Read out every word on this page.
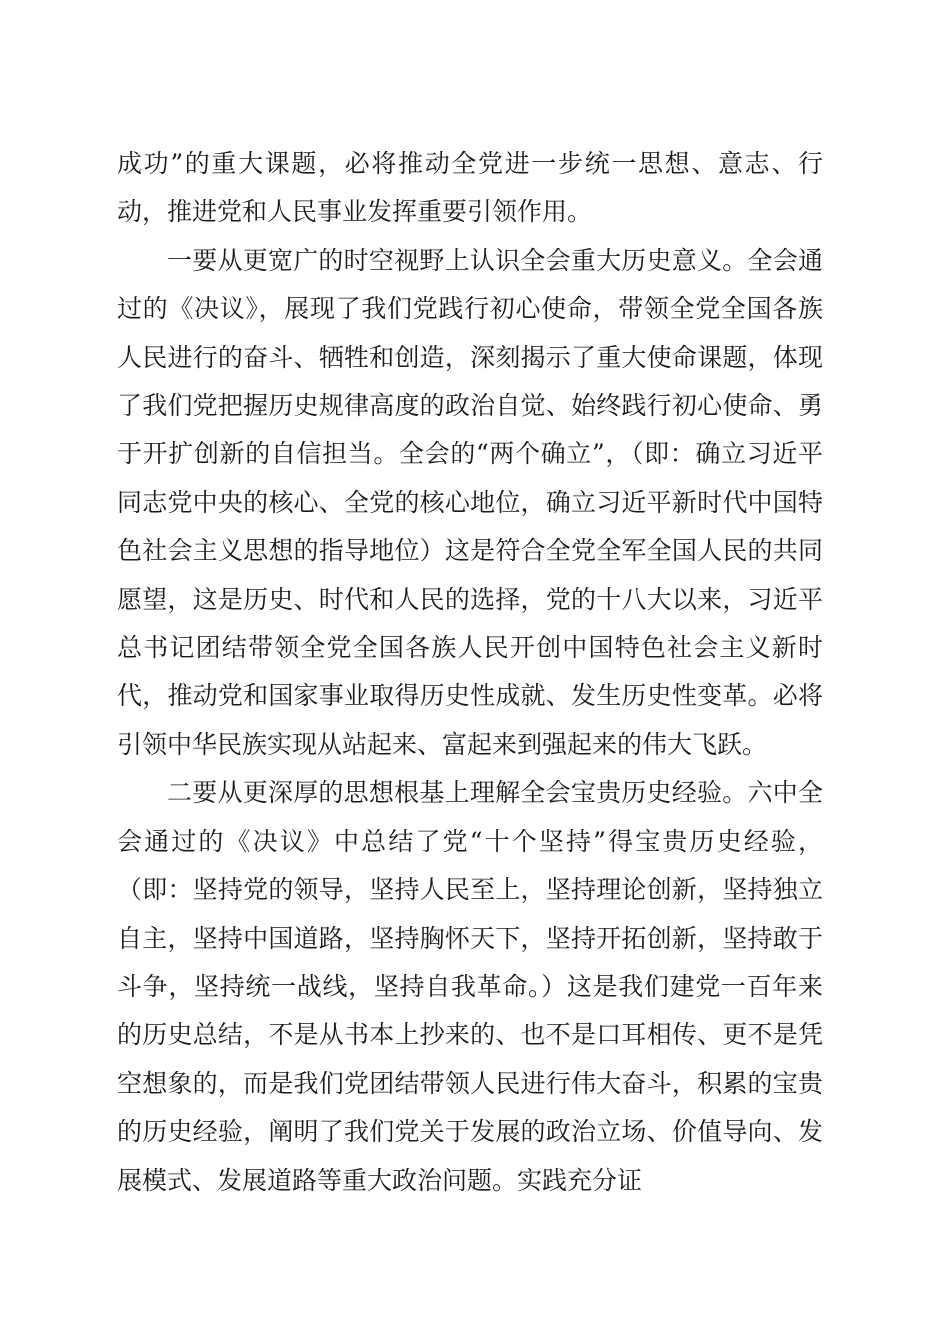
成功”的重大课题，必将推动全党进一步统一思想、意志、行动，推进党和人民事业发挥重要引领作用。

一要从更宽广的时空视野上认识全会重大历史意义。全会通过的《决议》，展现了我们党践行初心使命，带领全党全国各族人民进行的奋斗、牺牲和创造，深刻揭示了重大使命课题，体现了我们党把握历史规律高度的政治自觉、始终践行初心使命、勇于开扩创新的自信担当。全会的“两个确立”，（即：确立习近平同志党中央的核心、全党的核心地位，确立习近平新时代中国特色社会主义思想的指导地位）这是符合全党全军全国人民的共同愿望，这是历史、时代和人民的选择，党的十八大以来，习近平总书记团结带领全党全国各族人民开创中国特色社会主义新时代，推动党和国家事业取得历史性成就、发生历史性变革。必将引领中华民族实现从站起来、富起来到强起来的伟大飞跃。

二要从更深厚的思想根基上理解全会宝贵历史经验。六中全会通过的《决议》中总结了党“十个坚持”得宝贵历史经验，（即：坚持党的领导，坚持人民至上，坚持理论创新，坚持独立自主，坚持中国道路，坚持胸怀天下，坚持开拓创新，坚持敢于斗争，坚持统一战线，坚持自我革命。）这是我们建党一百年来的历史总结，不是从书本上抄来的、也不是口耳相传、更不是凭空想象的，而是我们党团结带领人民进行伟大奋斗，积累的宝贵的历史经验，阐明了我们党关于发展的政治立场、价值导向、发展模式、发展道路等重大政治问题。实践充分证
